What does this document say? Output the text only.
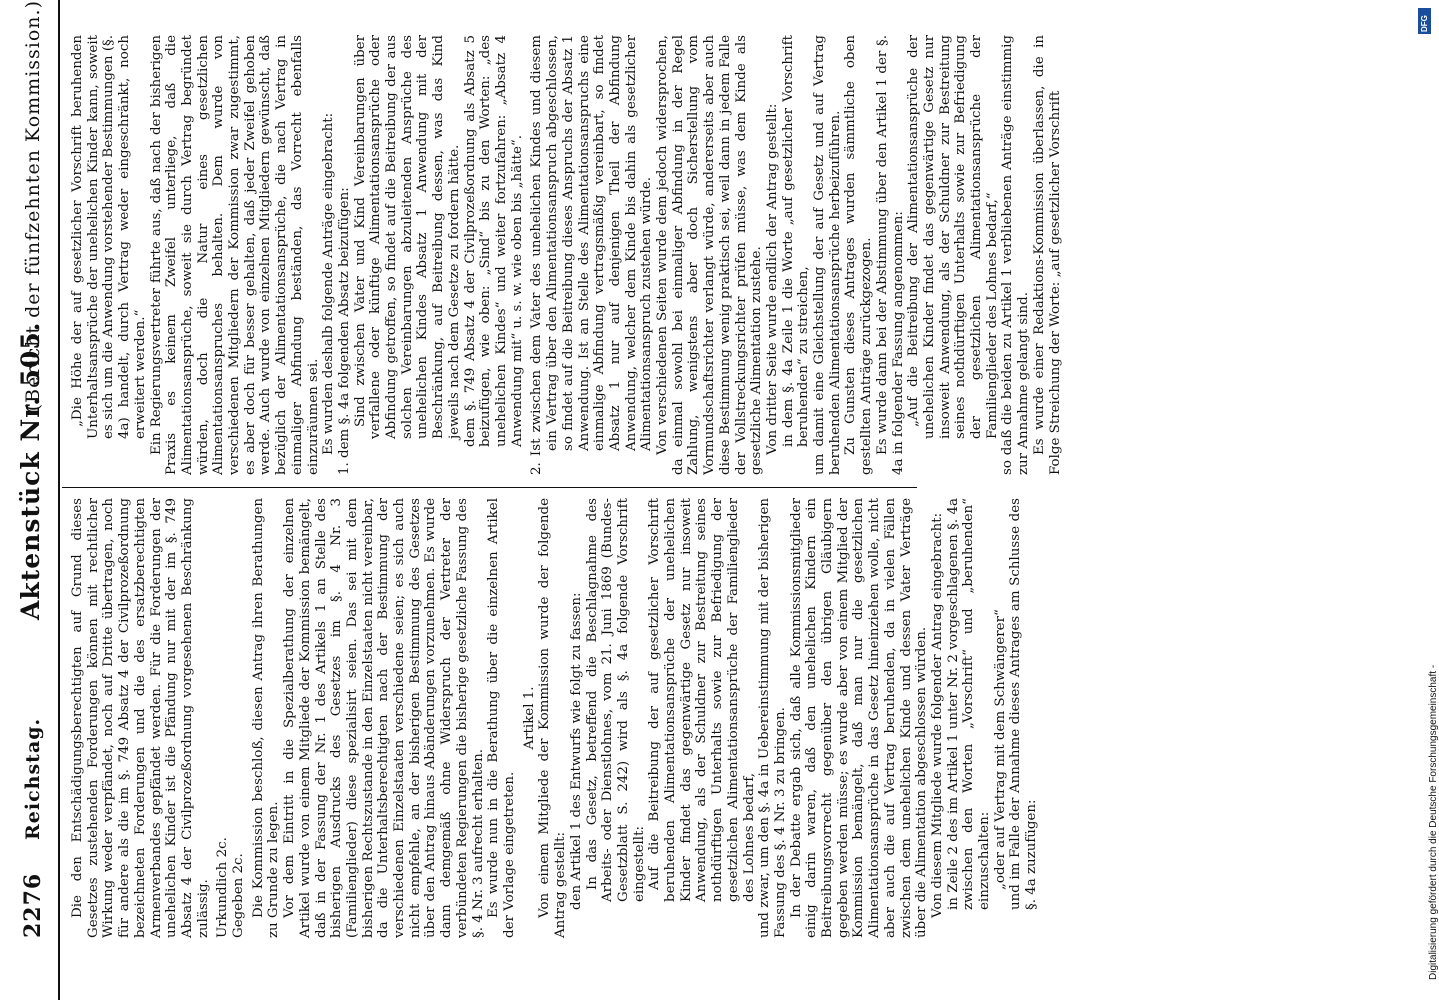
2276
Reichstag.
Aktenstück Nr. 505.
(Bericht der fünfzehnten Kommission.)

Die den Entschädigungsberechtigten auf Grund dieses Gesetzes zustehenden Forderungen können mit rechtlicher Wirkung weder verpfändet, noch auf Dritte übertragen, noch für andere als die im §. 749 Absatz 4 der Civilprozeßordnung bezeichneten Forderungen und die des ersatzberechtigten Armenverbandes gepfändet werden. Für die Forderungen der unehelichen Kinder ist die Pfändung nur mit der im §. 749 Absatz 4 der Civilprozeßordnung vorgesehenen Beschränkung zulässig. Urkundlich 2c. Gegeben 2c. Die Kommission beschloß, diesen Antrag ihren Berathungen zu Grunde zu legen. Vor dem Eintritt in die Spezialberathung der einzelnen Artikel wurde von einem Mitgliede der Kommission bemängelt, daß in der Fassung der Nr. 1 des Artikels 1 an Stelle des bisherigen Ausdrucks des Gesetzes im §. 4 Nr. 3 (Familienglieder) diese spezialisirt seien. Das sei mit dem bisherigen Rechtszustande in den Einzelstaaten nicht vereinbar, da die Unterhaltsberechtigten nach der Bestimmung der verschiedenen Einzelstaaten verschiedene seien; es sich auch nicht empfehle, an der bisherigen Bestimmung des Gesetzes über den Antrag hinaus Abänderungen vorzunehmen. Es wurde dann demgemäß ohne Widerspruch der Vertreter der verbündeten Regierungen die bisherige gesetzliche Fassung des §. 4 Nr. 3 aufrecht erhalten. Es wurde nun in die Berathung über die einzelnen Artikel der Vorlage eingetreten.

Artikel 1. Von einem Mitgliede der Kommission wurde der folgende Antrag gestellt: den Artikel 1 des Entwurfs wie folgt zu fassen: In das Gesetz, betreffend die Beschlagnahme des Arbeits- oder Dienstlohnes, vom 21. Juni 1869 (Bundes-Gesetzblatt S. 242) wird als §. 4a folgende Vorschrift eingestellt: Auf die Beitreibung der auf gesetzlicher Vorschrift beruhenden Alimentationsansprüche der unehelichen Kinder findet das gegenwärtige Gesetz nur insoweit Anwendung, als der Schuldner zur Bestreitung seines nothdürftigen Unterhalts sowie zur Befriedigung der gesetzlichen Alimentationsansprüche der Familienglieder des Lohnes bedarf, und zwar, um den §. 4a in Uebereinstimmung mit der bisherigen Fassung des §. 4 Nr. 3 zu bringen. In der Debatte ergab sich, daß alle Kommissionsmitglieder einig darin waren, daß den unehelichen Kindern ein Beitreibungsvorrecht gegenüber den übrigen Gläubigern gegeben werden müsse; es wurde aber von einem Mitglied der Kommission bemängelt, daß man nur die gesetzlichen Alimentationsansprüche in das Gesetz hineinziehen wolle, nicht aber auch die auf Vertrag beruhenden, da in vielen Fällen zwischen dem unehelichen Kinde und dessen Vater Verträge über die Alimentation abgeschlossen würden. Von diesem Mitgliede wurde folgender Antrag eingebracht: in Zeile 2 des im Artikel 1 unter Nr. 2 vorgeschlagenen §. 4a zwischen den Worten „Vorschrift“ und „beruhenden“ einzuschalten: „oder auf Vertrag mit dem Schwängerer“ und im Falle der Annahme dieses Antrages am Schlusse des §. 4a zuzufügen:

„Die Höhe der auf gesetzlicher Vorschrift beruhenden Unterhaltsansprüche der unehelichen Kinder kann, soweit es sich um die Anwendung vorstehender Bestimmungen (§. 4a) handelt, durch Vertrag weder eingeschränkt, noch erweitert werden.“ Ein Regierungsvertreter führte aus, daß nach der bisherigen Praxis es keinem Zweifel unterliege, daß die Alimentationsansprüche, soweit sie durch Vertrag begründet würden, doch die Natur eines gesetzlichen Alimentationsanspruches behalten. Dem wurde von verschiedenen Mitgliedern der Kommission zwar zugestimmt, es aber doch für besser gehalten, daß jeder Zweifel gehoben werde. Auch wurde von einzelnen Mitgliedern gewünscht, daß bezüglich der Alimentationsansprüche, die nach Vertrag in einmaliger Abfindung beständen, das Vorrecht ebenfalls einzuräumen sei. Es wurden deshalb folgende Anträge eingebracht: 1. dem §. 4a folgenden Absatz beizufügen: Sind zwischen Vater und Kind Vereinbarungen über verfallene oder künftige Alimentationsansprüche oder Abfindung getroffen, so findet auf die Beitreibung der aus solchen Vereinbarungen abzuleitenden Ansprüche des unehelichen Kindes Absatz 1 Anwendung mit der Beschränkung, auf Beitreibung dessen, was das Kind jeweils nach dem Gesetze zu fordern hätte. dem §. 749 Absatz 4 der Civilprozeßordnung als Absatz 5 beizufügen, wie oben: „Sind“ bis zu den Worten: „des unehelichen Kindes“ und weiter fortzufahren: „Absatz 4 Anwendung mit“ u. s. w. wie oben bis „hätte“. 2. Ist zwischen dem Vater des unehelichen Kindes und diesem ein Vertrag über den Alimentationsanspruch abgeschlossen, so findet auf die Beitreibung dieses Anspruchs der Absatz 1 Anwendung. Ist an Stelle des Alimentationsanspruchs eine einmalige Abfindung vertragsmäßig vereinbart, so findet Absatz 1 nur auf denjenigen Theil der Abfindung Anwendung, welcher dem Kinde bis dahin als gesetzlicher Alimentationsanspruch zustehen würde. Von verschiedenen Seiten wurde dem jedoch widersprochen, da einmal sowohl bei einmaliger Abfindung in der Regel Zahlung, wenigstens aber doch Sicherstellung vom Vormundschaftsrichter verlangt würde, andererseits aber auch diese Bestimmung wenig praktisch sei, weil dann in jedem Falle der Vollstreckungsrichter prüfen müsse, was dem Kinde als gesetzliche Alimentation zustehe. Von dritter Seite wurde endlich der Antrag gestellt: in dem §. 4a Zeile 1 die Worte „auf gesetzlicher Vorschrift beruhenden“ zu streichen, um damit eine Gleichstellung der auf Gesetz und auf Vertrag beruhenden Alimentationsansprüche herbeizuführen. Zu Gunsten dieses Antrages wurden sämmtliche oben gestellten Anträge zurückgezogen. Es wurde dann bei der Abstimmung über den Artikel 1 der §. 4a in folgender Fassung angenommen: „Auf die Beitreibung der Alimentationsansprüche der unehelichen Kinder findet das gegenwärtige Gesetz nur insoweit Anwendung, als der Schuldner zur Bestreitung seines nothdürftigen Unterhalts sowie zur Befriedigung der gesetzlichen Alimentationsansprüche der Familienglieder des Lohnes bedarf,“ so daß die beiden zu Artikel 1 verbliebenen Anträge einstimmig zur Annahme gelangt sind. Es wurde einer Redaktions-Kommission überlassen, die in Folge Streichung der Worte: „auf gesetzlicher Vorschrift

Digitalisierung gefördert durch die Deutsche Forschungsgemeinschaft -
DFG
